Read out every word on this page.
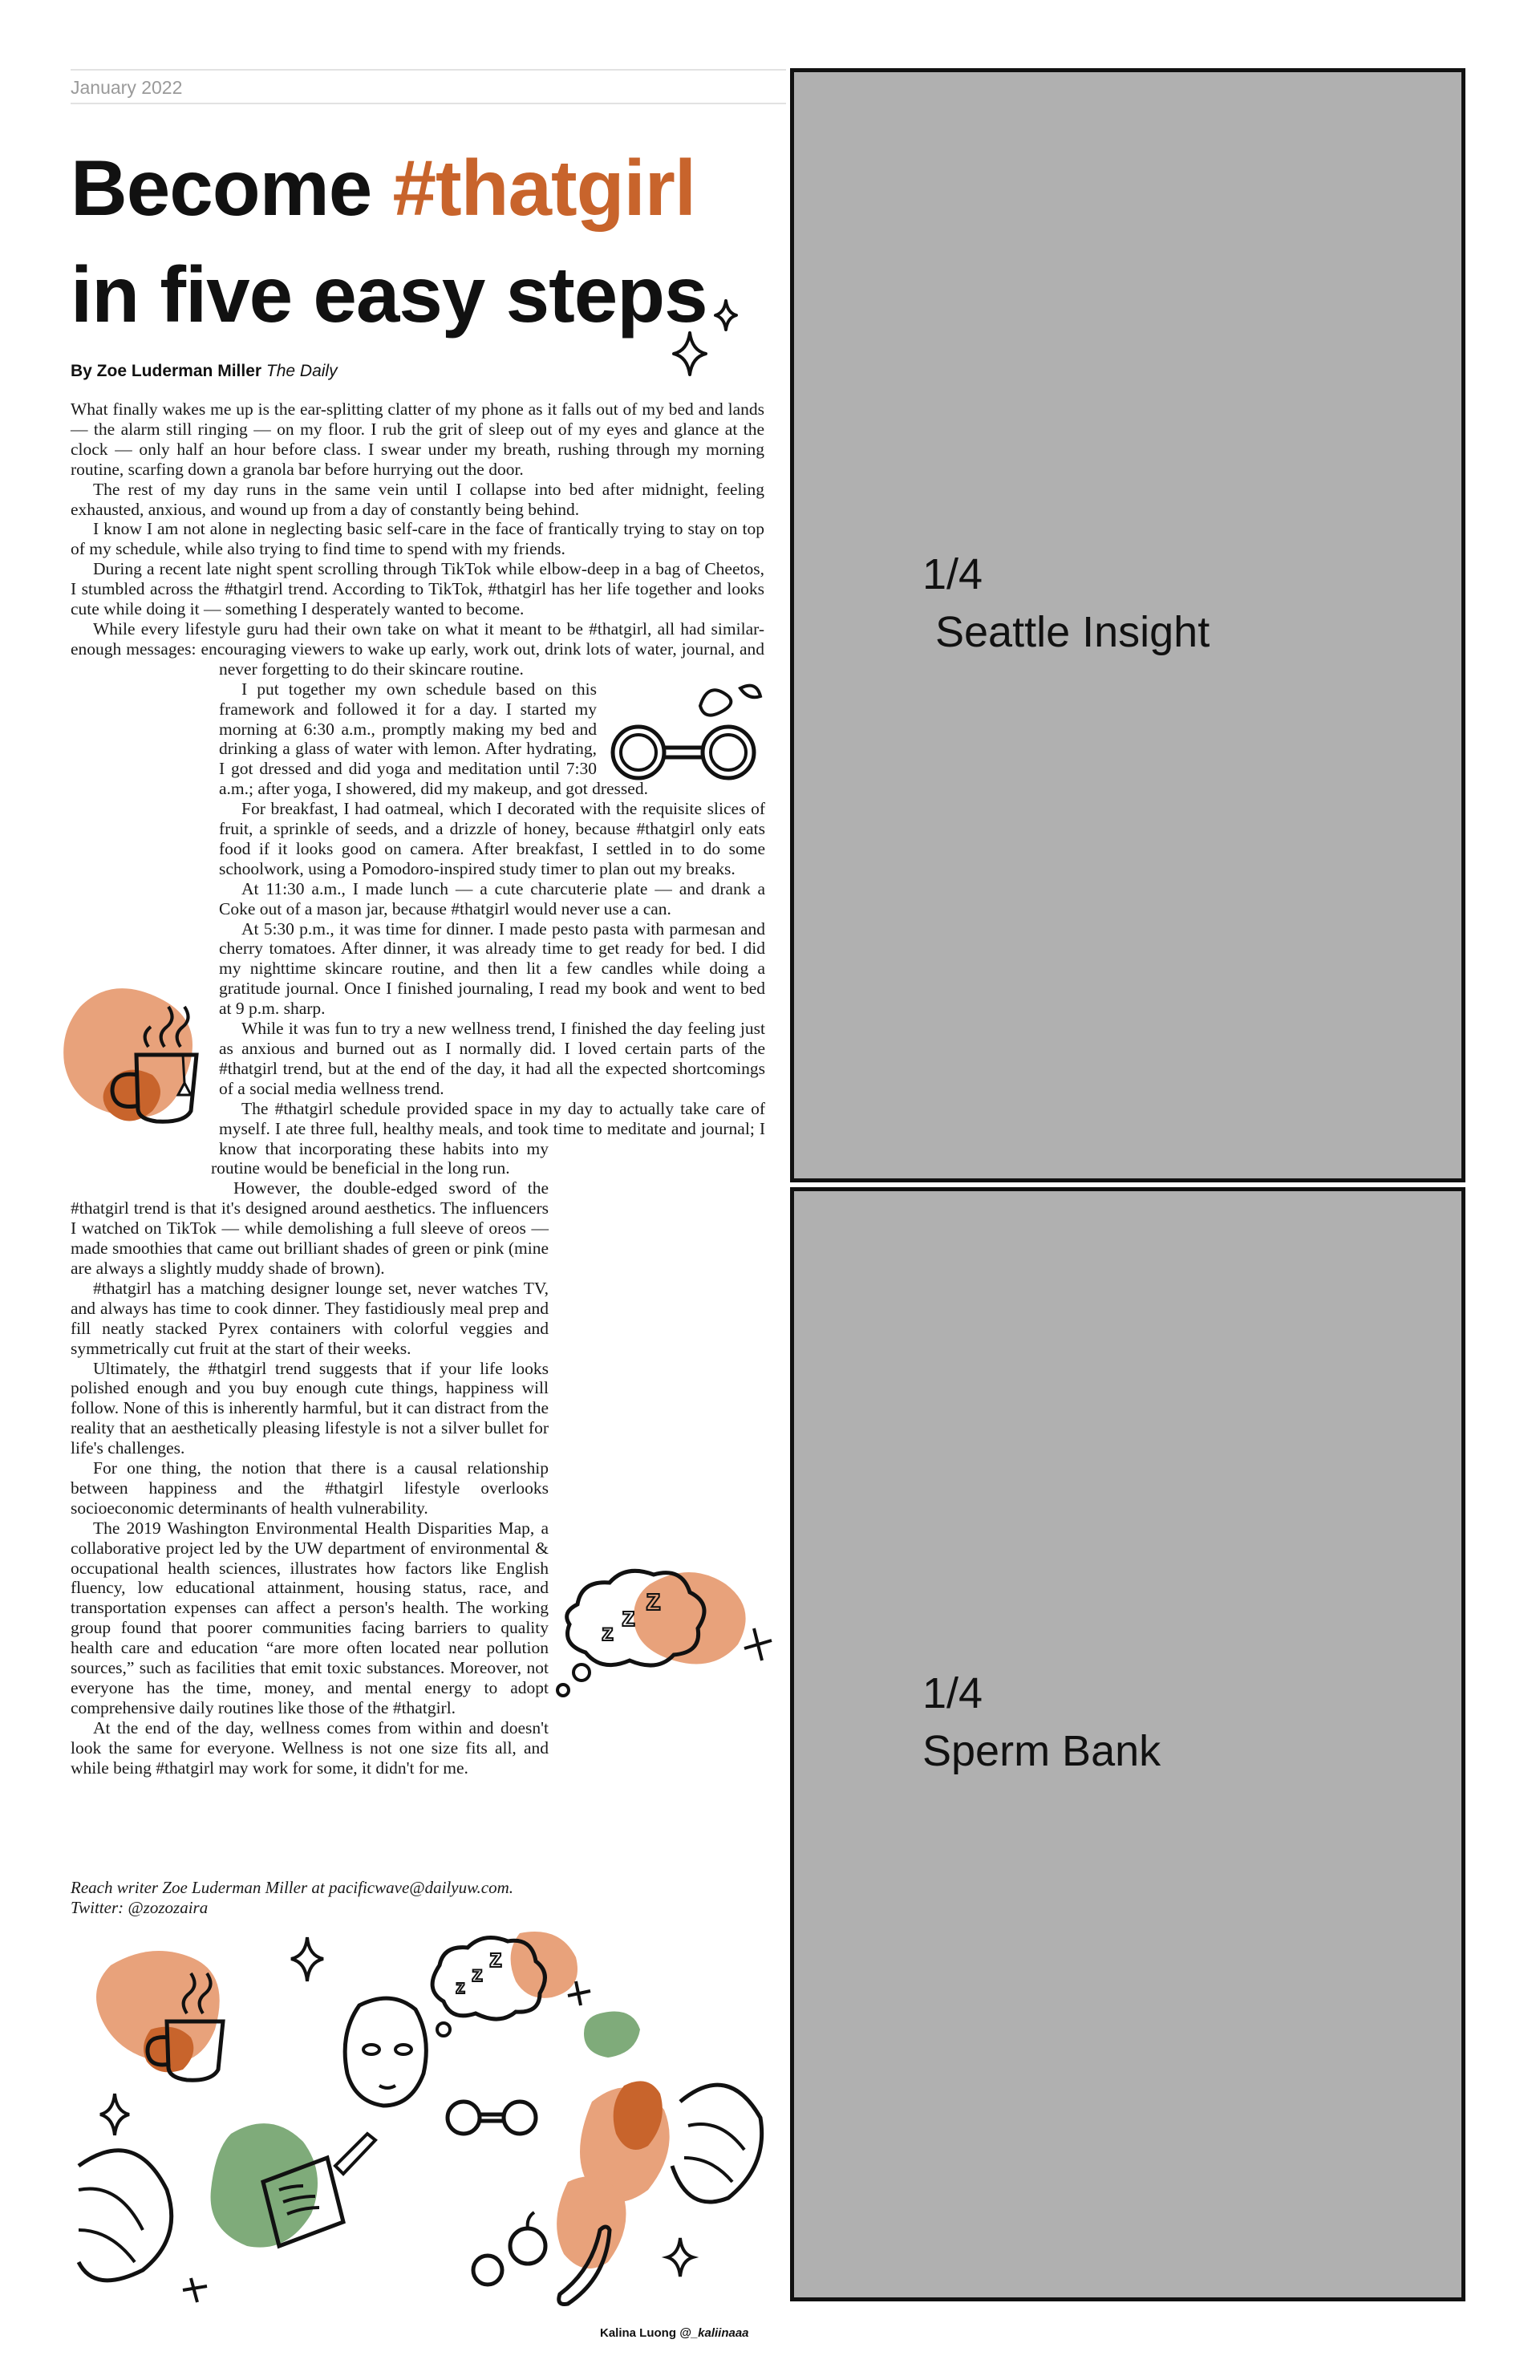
January 2022
Become #thatgirl
in five easy steps
By Zoe Luderman Miller The Daily

What finally wakes me up is the ear-splitting clatter of my phone as it falls out of my bed and lands — the alarm still ringing — on my floor. I rub the grit of sleep out of my eyes and glance at the clock — only half an hour before class. I swear under my breath, rushing through my morning routine, scarfing down a granola bar before hurrying out the door.

The rest of my day runs in the same vein until I collapse into bed after midnight, feeling exhausted, anxious, and wound up from a day of constantly being behind.

I know I am not alone in neglecting basic self-care in the face of frantically trying to stay on top of my schedule, while also trying to find time to spend with my friends.

During a recent late night spent scrolling through TikTok while elbow-deep in a bag of Cheetos, I stumbled across the #thatgirl trend. According to TikTok, #thatgirl has her life together and looks cute while doing it — something I desperately wanted to become.

While every lifestyle guru had their own take on what it meant to be #thatgirl, all had similar-enough messages: encouraging viewers to wake up early, work out, drink lots of water, journal, and never forgetting to do their skincare routine.

I put together my own schedule based on this framework and followed it for a day. I started my morning at 6:30 a.m., promptly making my bed and drinking a glass of water with lemon. After hydrating, I got dressed and did yoga and meditation until 7:30 a.m.; after yoga, I showered, did my makeup, and got dressed.

For breakfast, I had oatmeal, which I decorated with the requisite slices of fruit, a sprinkle of seeds, and a drizzle of honey, because #thatgirl only eats food if it looks good on camera. After breakfast, I settled in to do some schoolwork, using a Pomodoro-inspired study timer to plan out my breaks.

At 11:30 a.m., I made lunch — a cute charcuterie plate — and drank a Coke out of a mason jar, because #thatgirl would never use a can.

At 5:30 p.m., it was time for dinner. I made pesto pasta with parmesan and cherry tomatoes. After dinner, it was already time to get ready for bed. I did my nighttime skincare routine, and then lit a few candles while doing a gratitude journal. Once I finished journaling, I read my book and went to bed at 9 p.m. sharp.

While it was fun to try a new wellness trend, I finished the day feeling just as anxious and burned out as I normally did. I loved certain parts of the #thatgirl trend, but at the end of the day, it had all the expected shortcomings of a social media wellness trend.

The #thatgirl schedule provided space in my day to actually take care of myself. I ate three full, healthy meals, and took time to meditate and journal; I know that incorporating these habits into my routine would be beneficial in the long run.

However, the double-edged sword of the #thatgirl trend is that it's designed around aesthetics. The influencers I watched on TikTok — while demolishing a full sleeve of oreos — made smoothies that came out brilliant shades of green or pink (mine are always a slightly muddy shade of brown).

#thatgirl has a matching designer lounge set, never watches TV, and always has time to cook dinner. They fastidiously meal prep and fill neatly stacked Pyrex containers with colorful veggies and symmetrically cut fruit at the start of their weeks.

Ultimately, the #thatgirl trend suggests that if your life looks polished enough and you buy enough cute things, happiness will follow. None of this is inherently harmful, but it can distract from the reality that an aesthetically pleasing lifestyle is not a silver bullet for life's challenges.

For one thing, the notion that there is a causal relationship between happiness and the #thatgirl lifestyle overlooks socioeconomic determinants of health vulnerability.

The 2019 Washington Environmental Health Disparities Map, a collaborative project led by the UW department of environmental & occupational health sciences, illustrates how factors like English fluency, low educational attainment, housing status, race, and transportation expenses can affect a person's health. The working group found that poorer communities facing barriers to quality health care and education “are more often located near pollution sources,” such as facilities that emit toxic substances. Moreover, not everyone has the time, money, and mental energy to adopt comprehensive daily routines like those of the #thatgirl.

At the end of the day, wellness comes from within and doesn't look the same for everyone. Wellness is not one size fits all, and while being #thatgirl may work for some, it didn't for me.

z
z z
Reach writer Zoe Luderman Miller at pacificwave@dailyuw.com.
Twitter: @zozozaira
z
z
z
Kalina Luong @_kaliinaaa
1/4
Seattle Insight
1/4
Sperm Bank
